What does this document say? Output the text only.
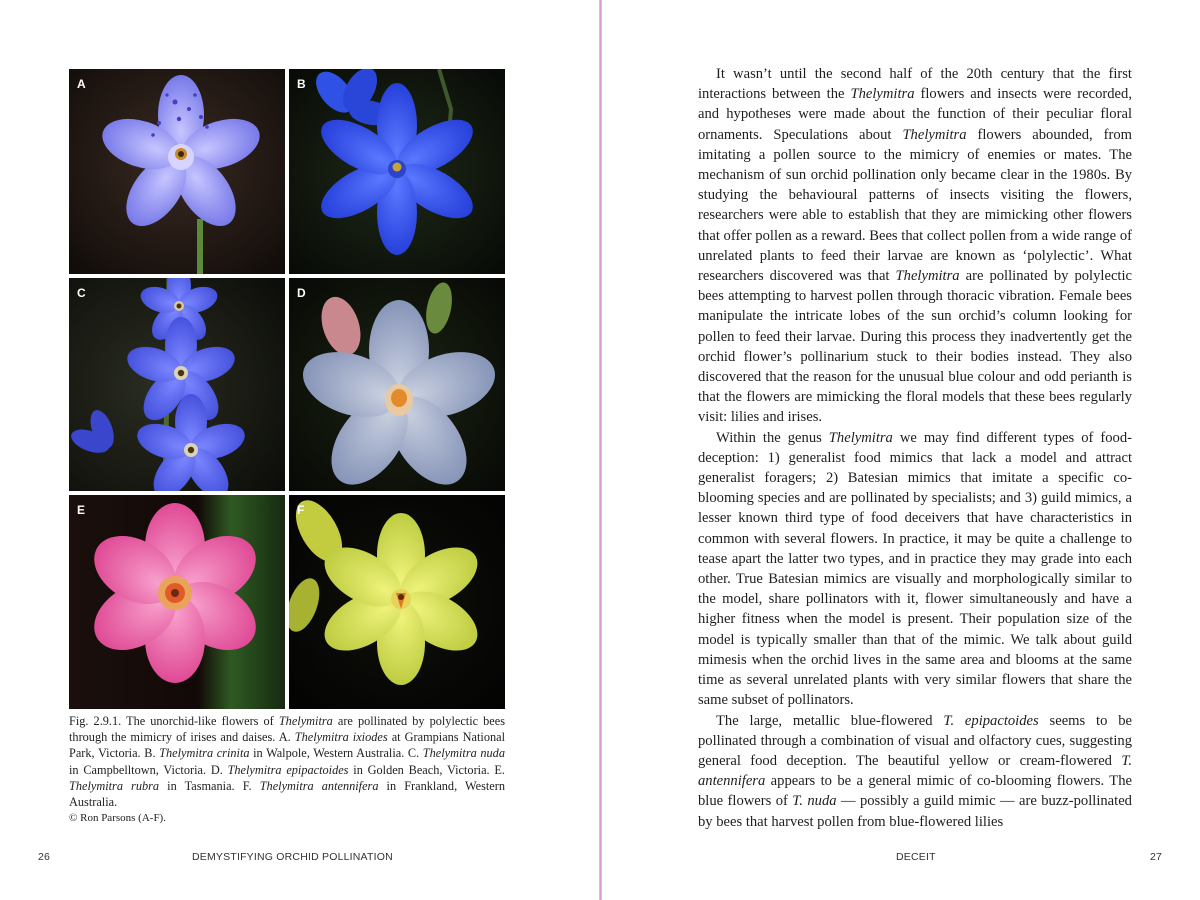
A	B
C	D
E	F

Fig. 2.9.1. The unorchid-like flowers of Thelymitra are pollinated by polylectic bees through the mimicry of irises and daises. A. Thelymitra ixiodes at Grampians National Park, Victoria. B. Thelymitra crinita in Walpole, Western Australia. C. Thelymitra nuda in Campbelltown, Victoria. D. Thelymitra epipactoides in Golden Beach, Victoria. E. Thelymitra rubra in Tasmania. F. Thelymitra antennifera in Frankland, Western Australia.

© Ron Parsons (A-F).

26	DEMYSTIFYING ORCHID POLLINATION

It wasn’t until the second half of the 20th century that the first interactions between the Thelymitra flowers and insects were recorded, and hypotheses were made about the function of their peculiar floral ornaments. Speculations about Thelymitra flowers abounded, from imitating a pollen source to the mimicry of enemies or mates. The mechanism of sun orchid pollination only became clear in the 1980s. By studying the behavioural patterns of insects visiting the flowers, researchers were able to establish that they are mimicking other flowers that offer pollen as a reward. Bees that collect pollen from a wide range of unrelated plants to feed their larvae are known as ‘polylectic’. What researchers discovered was that Thelymitra are pollinated by polylectic bees attempting to harvest pollen through thoracic vibration. Female bees manipulate the intricate lobes of the sun orchid’s column looking for pollen to feed their larvae. During this process they inadvertently get the orchid flower’s pollinarium stuck to their bodies instead. They also discovered that the reason for the unusual blue colour and odd perianth is that the flowers are mimicking the floral models that these bees regularly visit: lilies and irises.

Within the genus Thelymitra we may find different types of food-deception: 1) generalist food mimics that lack a model and attract generalist foragers; 2) Batesian mimics that imitate a specific co-blooming species and are pollinated by specialists; and 3) guild mimics, a lesser known third type of food deceivers that have characteristics in common with several flowers. In practice, it may be quite a challenge to tease apart the latter two types, and in practice they may grade into each other. True Batesian mimics are visually and morphologically similar to the model, share pollinators with it, flower simultaneously and have a higher fitness when the model is present. Their population size of the model is typically smaller than that of the mimic. We talk about guild mimesis when the orchid lives in the same area and blooms at the same time as several unrelated plants with very similar flowers that share the same subset of pollinators.

The large, metallic blue-flowered T. epipactoides seems to be pollinated through a combination of visual and olfactory cues, suggesting general food deception. The beautiful yellow or cream-flowered T. antennifera appears to be a general mimic of co-blooming flowers. The blue flowers of T. nuda — possibly a guild mimic — are buzz-pollinated by bees that harvest pollen from blue-flowered lilies

DECEIT	27
